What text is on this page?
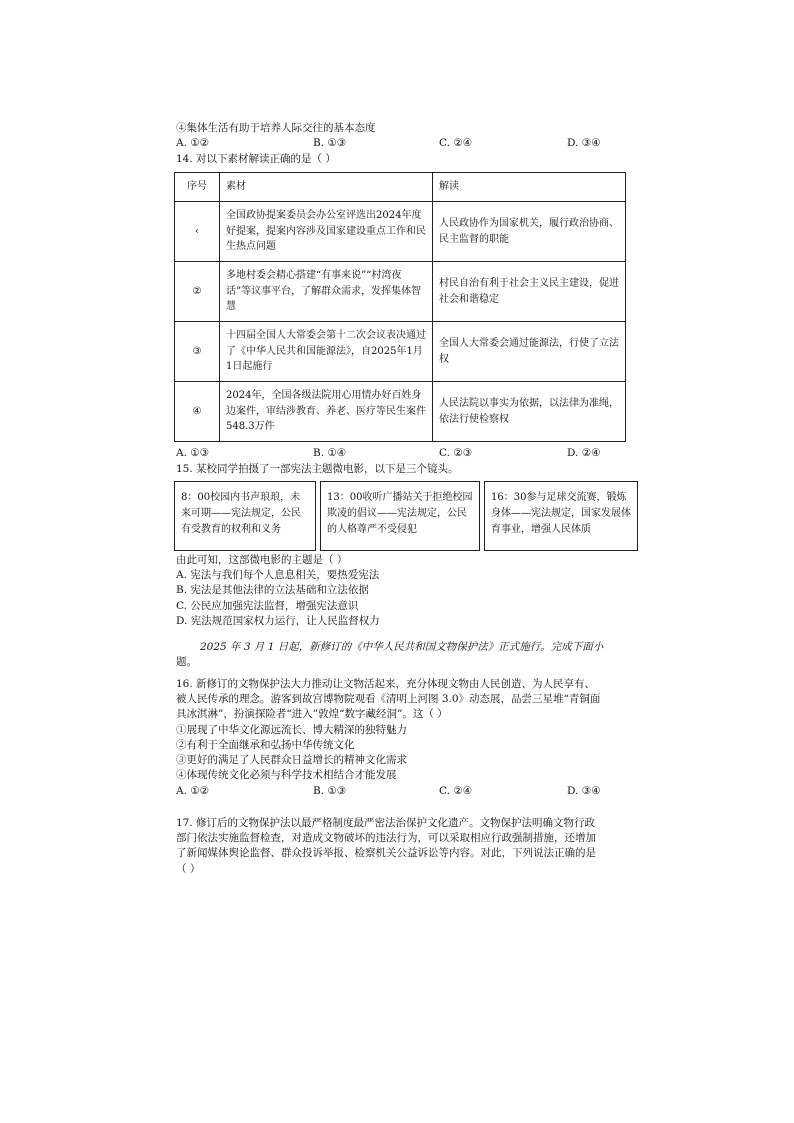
④集体生活有助于培养人际交往的基本态度
A. ①②	B. ①③	C. ②④	D. ③④
14. 对以下素材解读正确的是（ ）
序号	素材	解读
‹	全国政协提案委员会办公室评选出2024年度好提案，提案内容涉及国家建设重点工作和民生热点问题	人民政协作为国家机关，履行政治协商、民主监督的职能
②	多地村委会精心搭建“有事来说”“村湾夜话”等议事平台，了解群众需求，发挥集体智慧	村民自治有利于社会主义民主建设，促进社会和谐稳定
③	十四届全国人大常委会第十二次会议表决通过了《中华人民共和国能源法》，自2025年1月1日起施行	全国人大常委会通过能源法，行使了立法权
④	2024年，全国各级法院用心用情办好百姓身边案件，审结涉教育、养老、医疗等民生案件548.3万件	人民法院以事实为依据，以法律为准绳，依法行使检察权
A. ①③	B. ①④	C. ②③	D. ②④
15. 某校同学拍摄了一部宪法主题微电影，以下是三个镜头。
8：00校园内书声琅琅，未来可期——宪法规定，公民有受教育的权利和义务
13：00收听广播站关于拒绝校园欺凌的倡议——宪法规定，公民的人格尊严不受侵犯
16：30参与足球交流赛，锻炼身体——宪法规定，国家发展体育事业，增强人民体质
由此可知，这部微电影的主题是（ ）
A. 宪法与我们每个人息息相关，要热爱宪法
B. 宪法是其他法律的立法基础和立法依据
C. 公民应加强宪法监督，增强宪法意识
D. 宪法规范国家权力运行，让人民监督权力
2025 年 3 月 1 日起，新修订的《中华人民共和国文物保护法》正式施行。完成下面小
题。
16. 新修订的文物保护法大力推动让文物活起来，充分体现文物由人民创造、为人民享有、
被人民传承的理念。游客到故宫博物院观看《清明上河图 3.0》动态展，品尝三星堆“青铜面
具冰淇淋”，扮演探险者“进入”敦煌“数字藏经洞”。这（ ）
①展现了中华文化源远流长、博大精深的独特魅力
②有利于全面继承和弘扬中华传统文化
③更好的满足了人民群众日益增长的精神文化需求
④体现传统文化必须与科学技术相结合才能发展
A. ①②	B. ①③	C. ②④	D. ③④
17. 修订后的文物保护法以最严格制度最严密法治保护文化遗产。文物保护法明确文物行政
部门依法实施监督检查，对造成文物破坏的违法行为，可以采取相应行政强制措施，还增加
了新闻媒体舆论监督、群众投诉举报、检察机关公益诉讼等内容。对此，下列说法正确的是
（ ）
